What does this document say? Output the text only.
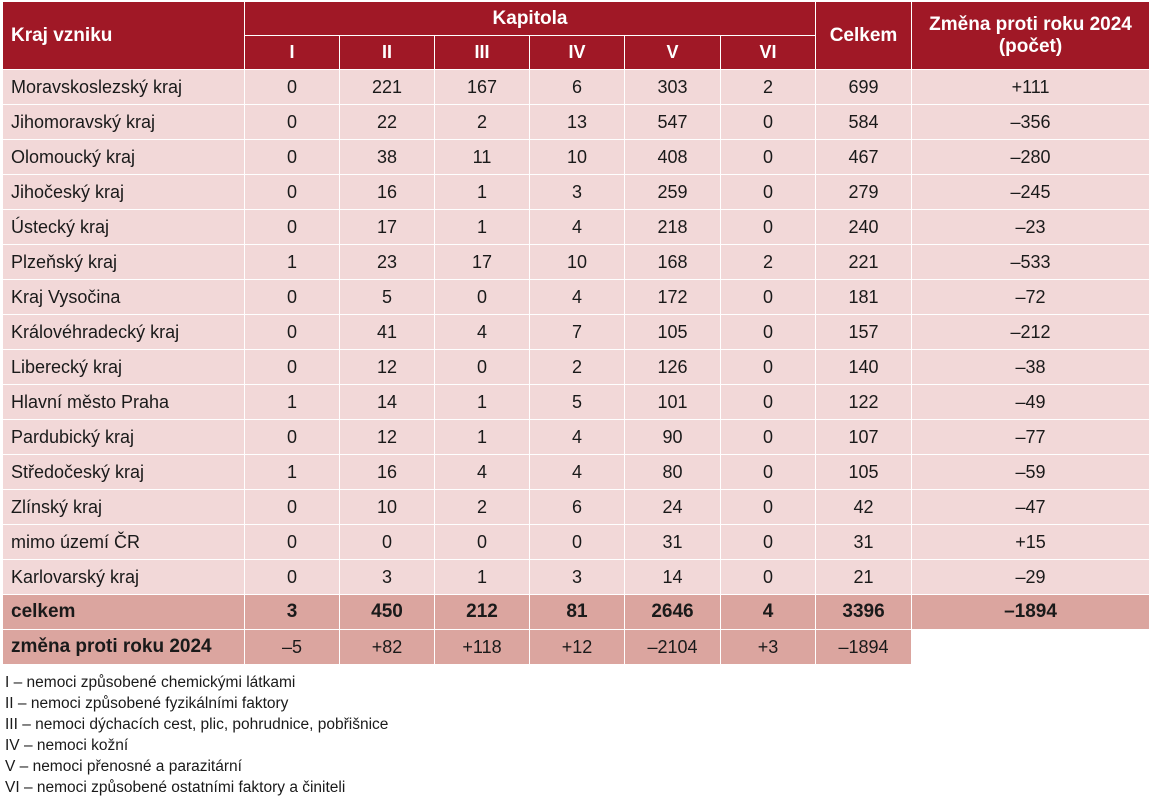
Kraj vzniku	Kapitola						Celkem	Změna proti roku 2024
(počet)

	I	II	III	IV	V	VI		
Moravskoslezský kraj	0	221	167	6	303	2	699	+111
Jihomoravský kraj	0	22	2	13	547	0	584	–356
Olomoucký kraj	0	38	11	10	408	0	467	–280
Jihočeský kraj	0	16	1	3	259	0	279	–245
Ústecký kraj	0	17	1	4	218	0	240	–23
Plzeňský kraj	1	23	17	10	168	2	221	–533
Kraj Vysočina	0	5	0	4	172	0	181	–72
Královéhradecký kraj	0	41	4	7	105	0	157	–212
Liberecký kraj	0	12	0	2	126	0	140	–38
Hlavní město Praha	1	14	1	5	101	0	122	–49
Pardubický kraj	0	12	1	4	90	0	107	–77
Středočeský kraj	1	16	4	4	80	0	105	–59
Zlínský kraj	0	10	2	6	24	0	42	–47
mimo území ČR	0	0	0	0	31	0	31	+15
Karlovarský kraj	0	3	1	3	14	0	21	–29
celkem	3	450	212	81	2646	4	3396	–1894
změna proti roku 2024	–5	+82	+118	+12	–2104	+3	–1894	
I – nemoci způsobené chemickými látkami
II – nemoci způsobené fyzikálními faktory
III – nemoci dýchacích cest, plic, pohrudnice, pobřišnice
IV – nemoci kožní
V – nemoci přenosné a parazitární
VI – nemoci způsobené ostatními faktory a činiteli
